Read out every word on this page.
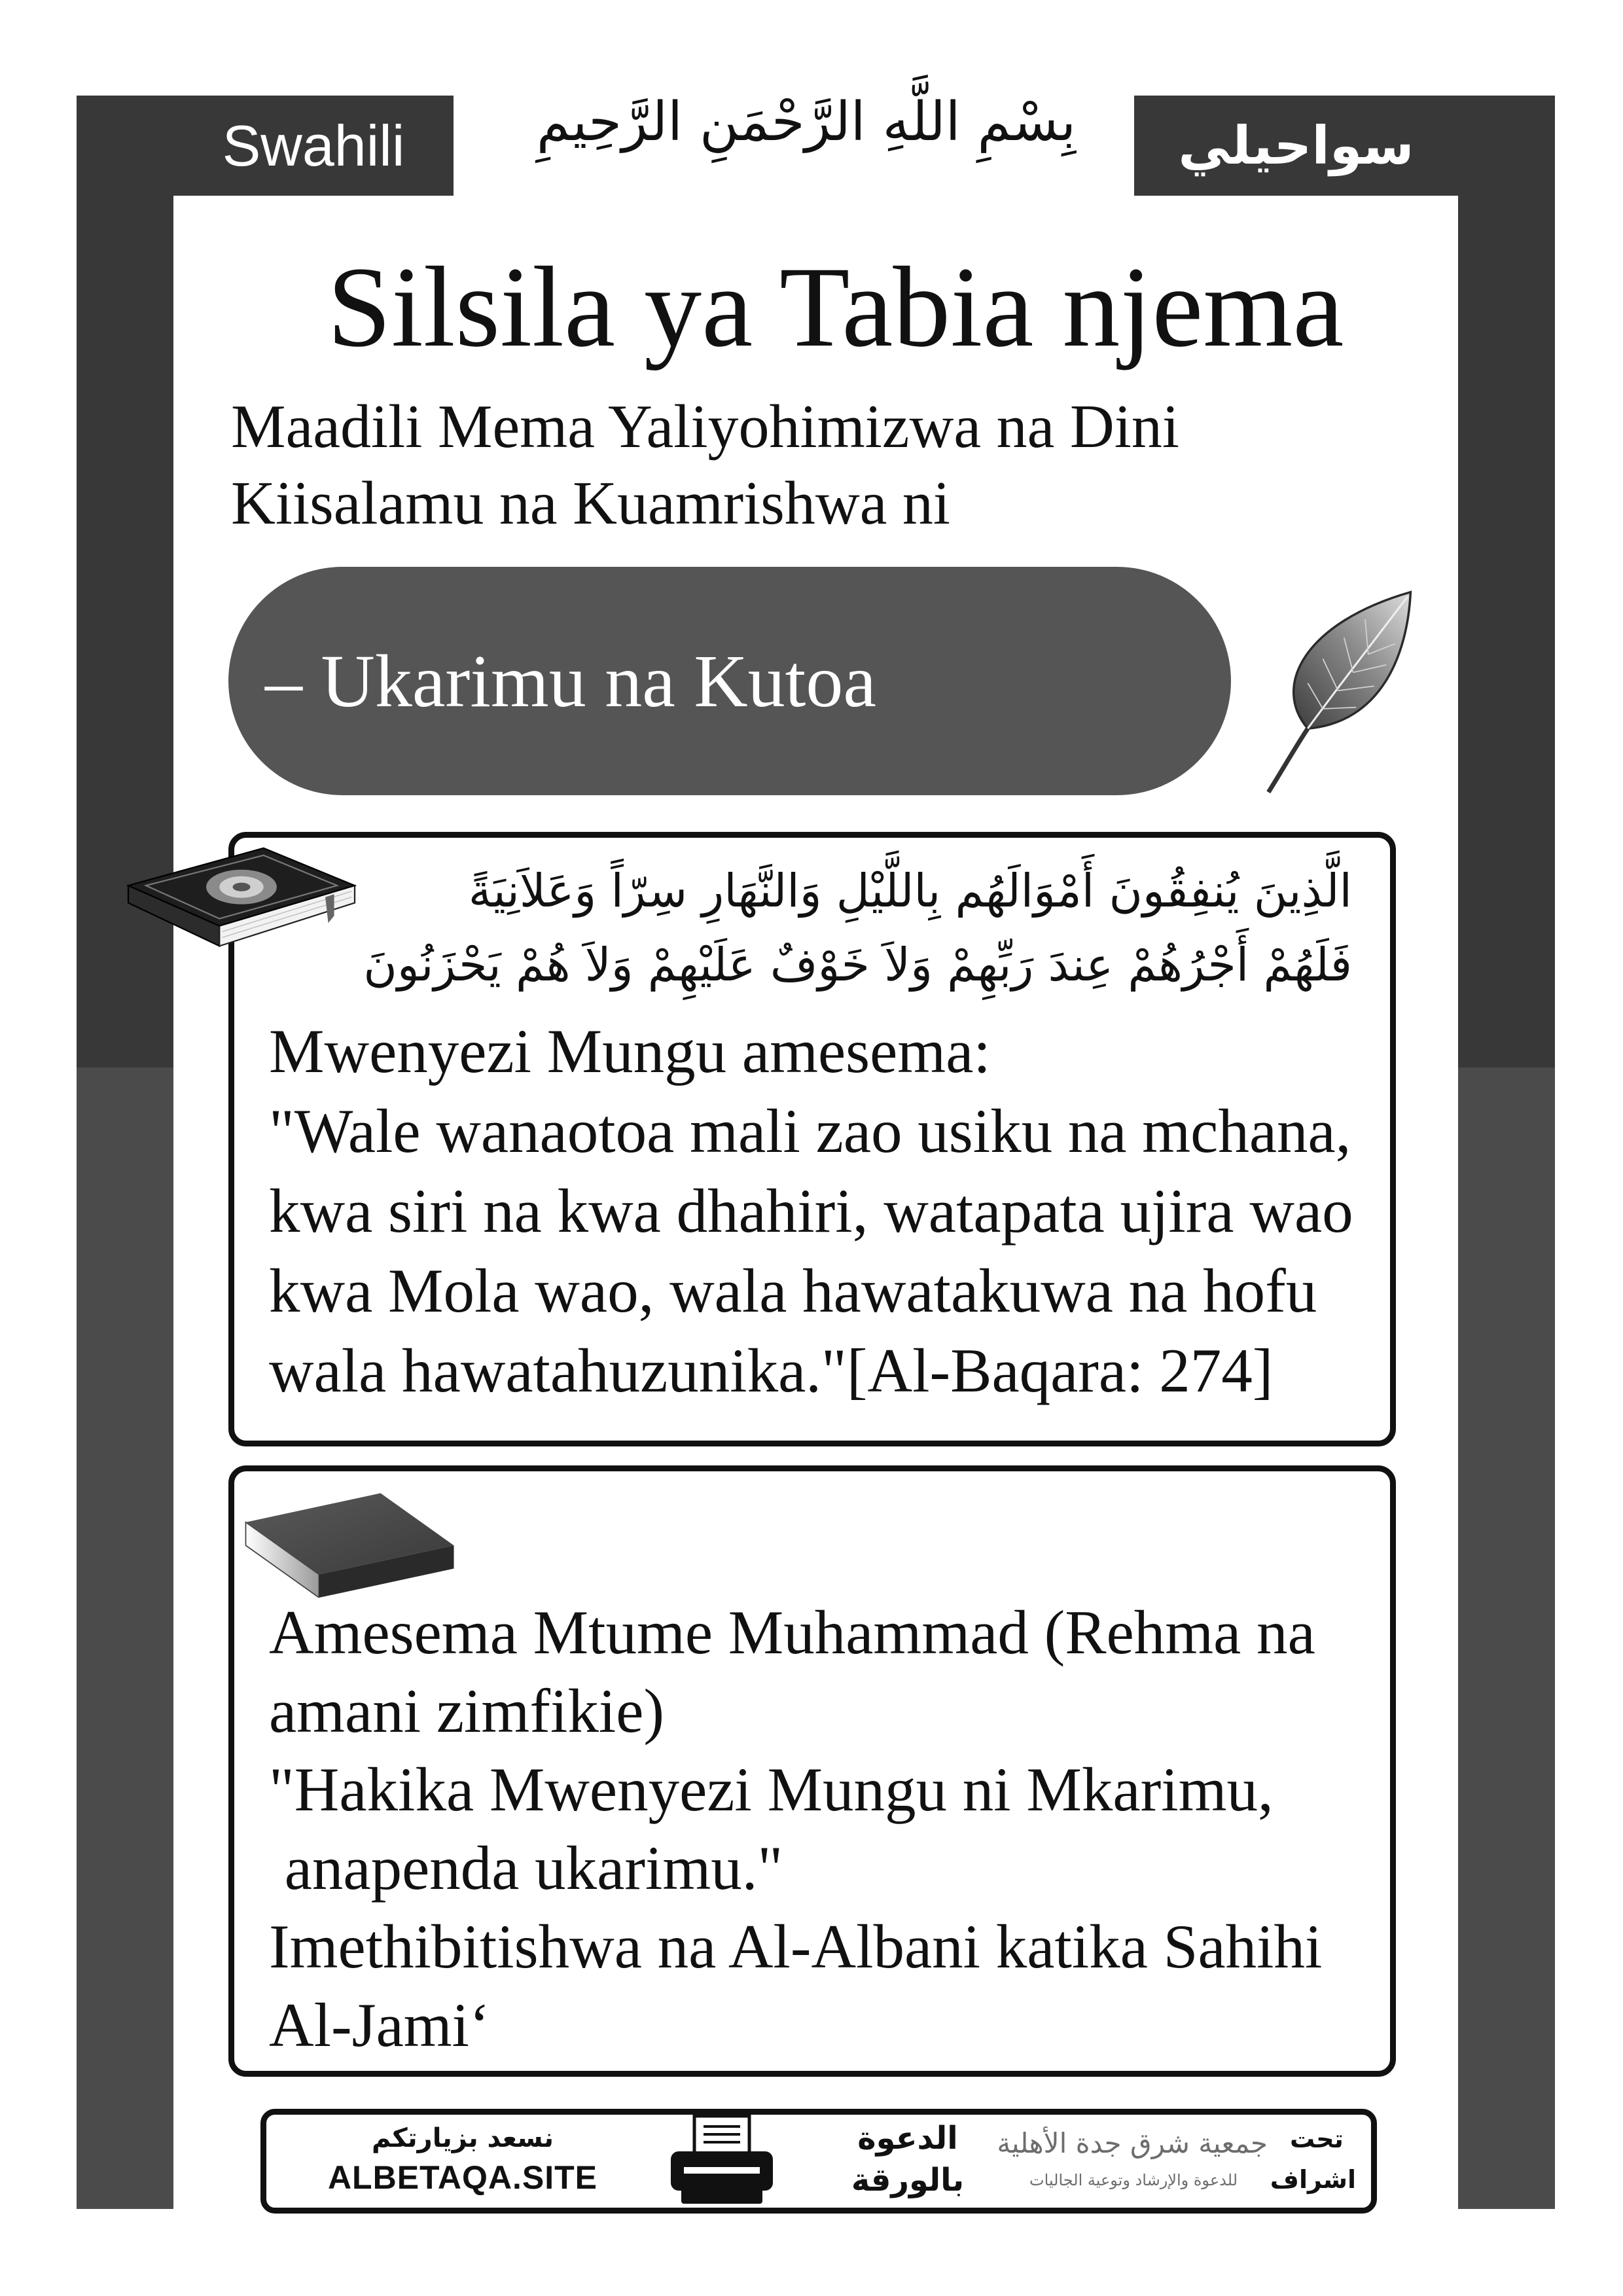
Swahili	سواحيلي
بِسْمِ اللَّهِ الرَّحْمَنِ الرَّحِيمِ
Silsila ya Tabia njema
Maadili Mema Yaliyohimizwa na Dini
Kiisalamu na Kuamrishwa ni
– Ukarimu na Kutoa
الَّذِينَ يُنفِقُونَ أَمْوَالَهُم بِاللَّيْلِ وَالنَّهَارِ سِرّاً وَعَلاَنِيَةً
فَلَهُمْ أَجْرُهُمْ عِندَ رَبِّهِمْ وَلاَ خَوْفٌ عَلَيْهِمْ وَلاَ هُمْ يَحْزَنُونَ
Mwenyezi Mungu amesema:
"Wale wanaotoa mali zao usiku na mchana,
kwa siri na kwa dhahiri, watapata ujira wao
kwa Mola wao, wala hawatakuwa na hofu
wala hawatahuzunika."[Al-Baqara: 274]
Amesema Mtume Muhammad (Rehma na
amani zimfikie)
"Hakika Mwenyezi Mungu ni Mkarimu,
anapenda ukarimu."
Imethibitishwa na Al-Albani katika Sahihi
Al-Jami‘
نسعد بزيارتكم
ALBETAQA.SITE
الدعوة
بالورقة
جمعية شرق جدة الأهلية
للدعوة والإرشاد وتوعية الجاليات
تحت
اشراف
